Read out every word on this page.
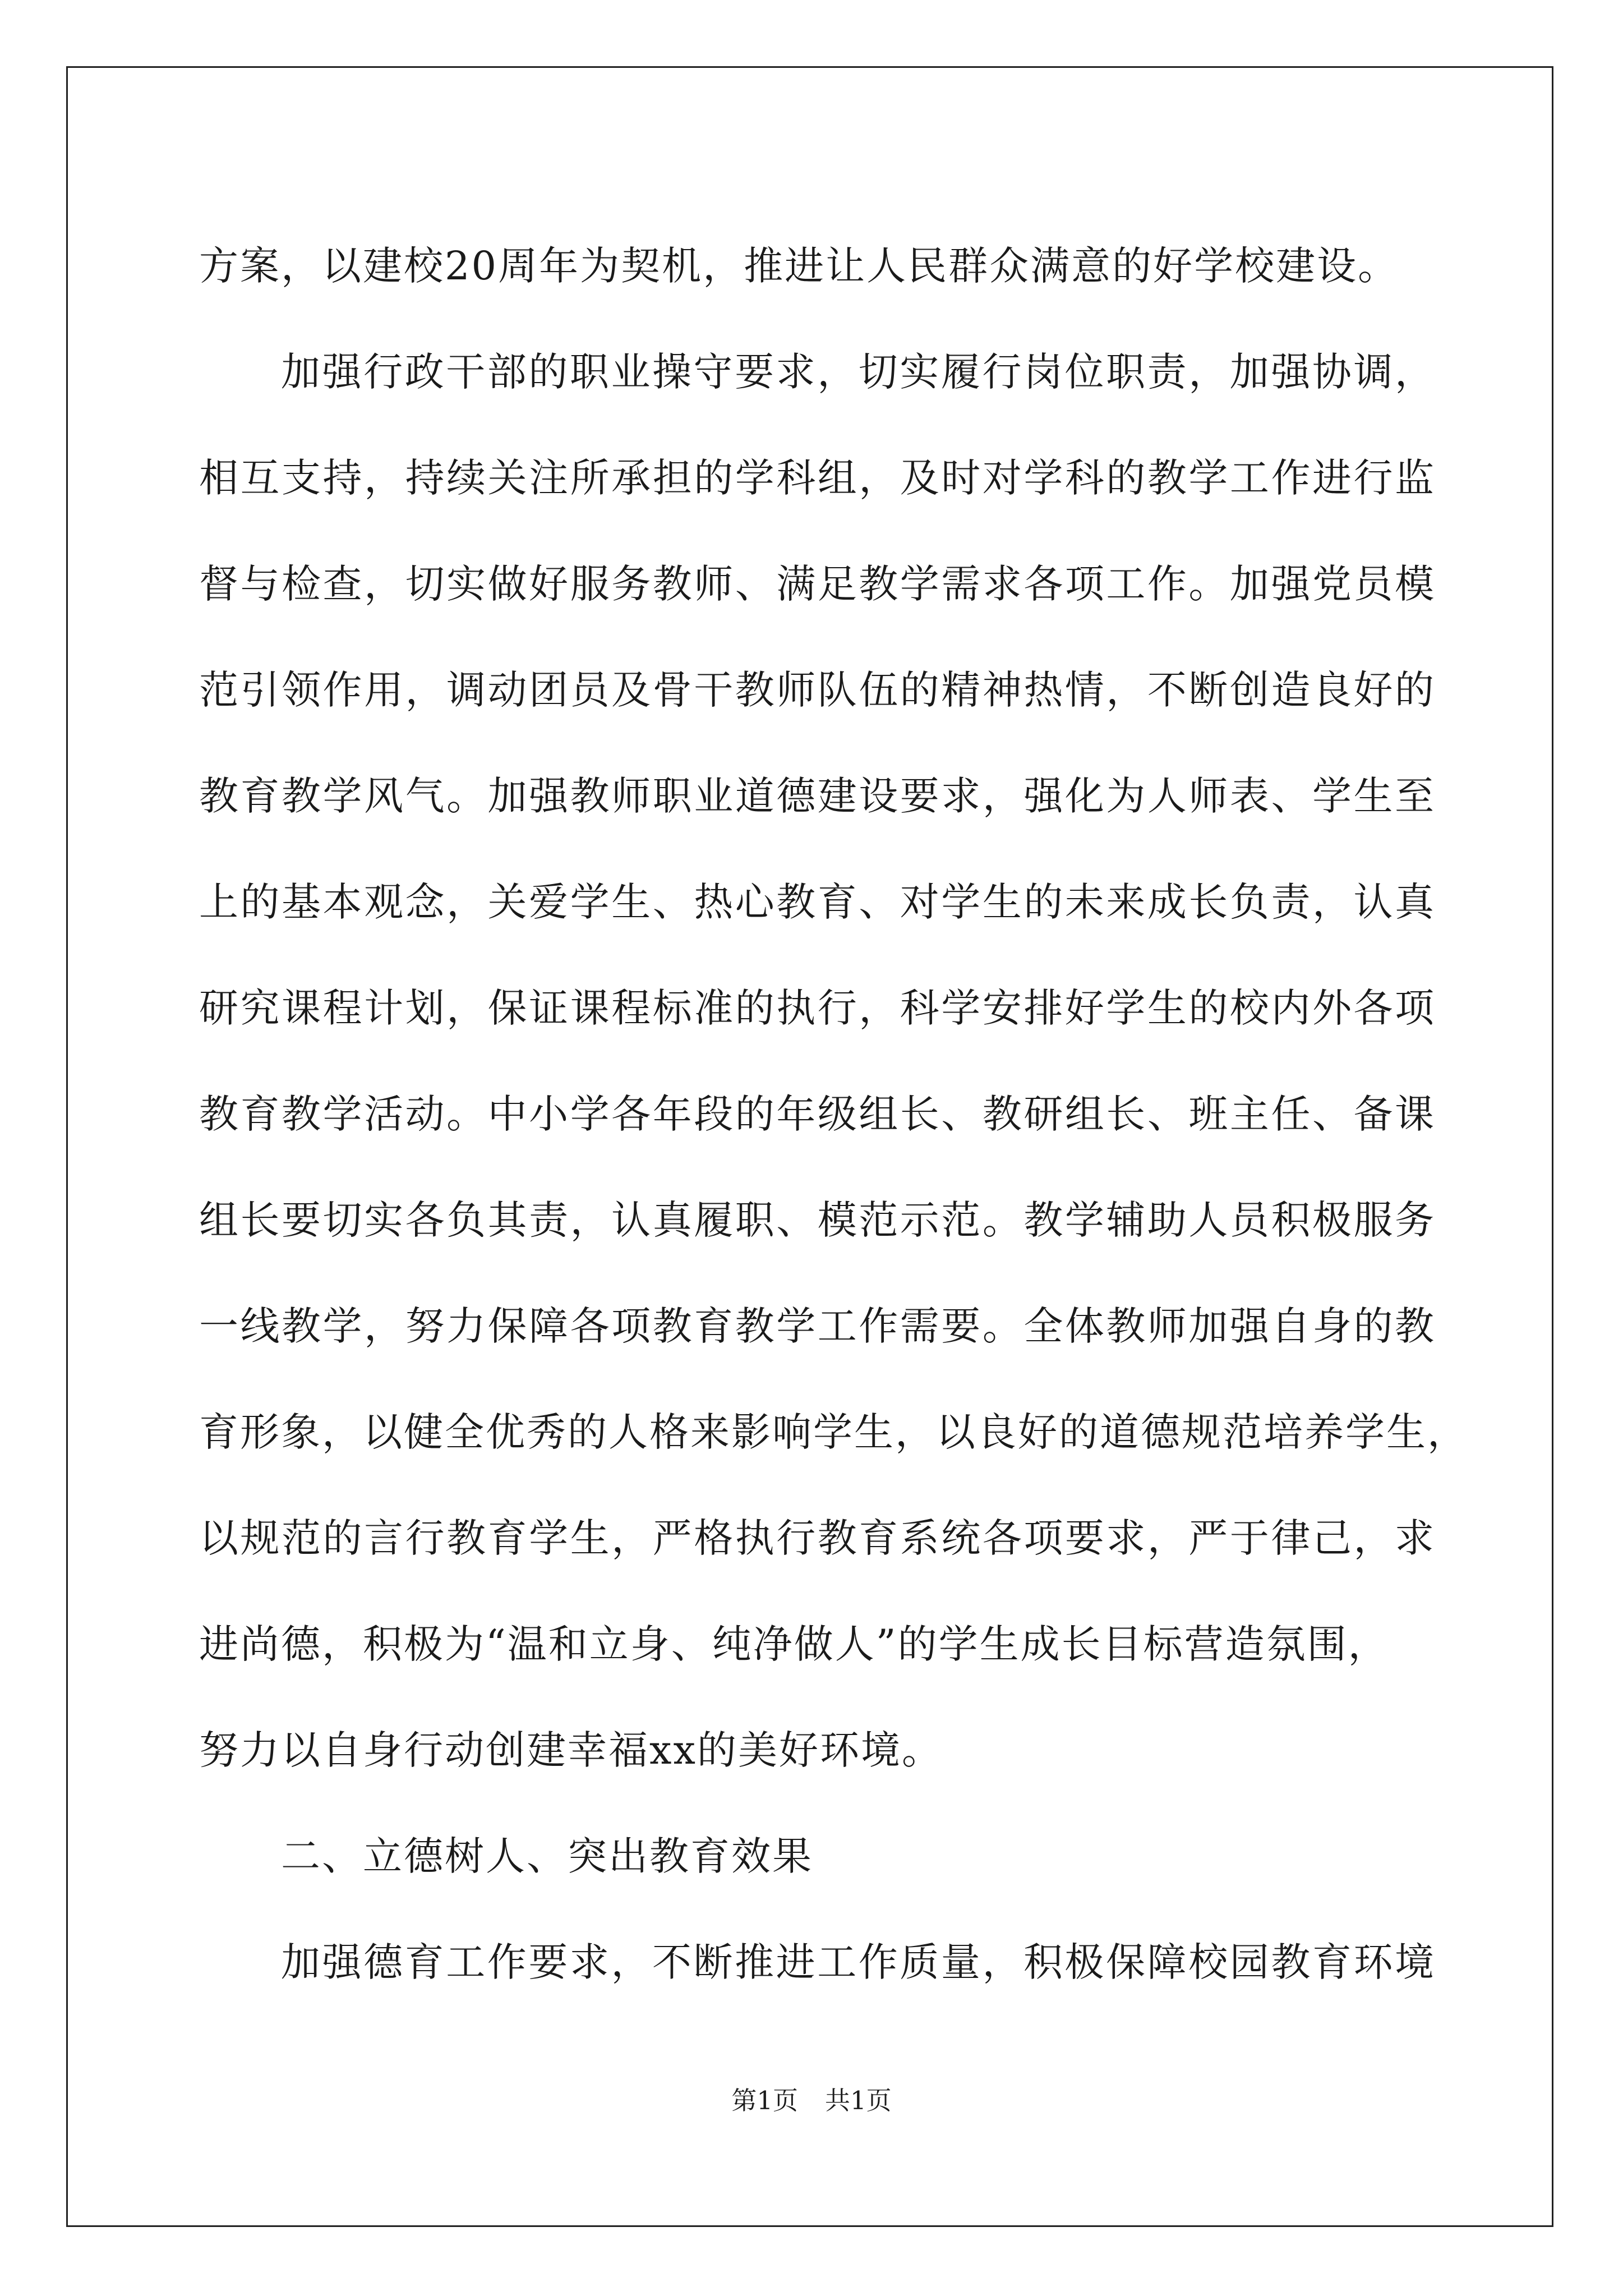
方案，以建校20周年为契机，推进让人民群众满意的好学校建设。
加强行政干部的职业操守要求，切实履行岗位职责，加强协调，
相互支持，持续关注所承担的学科组，及时对学科的教学工作进行监
督与检查，切实做好服务教师、满足教学需求各项工作。加强党员模
范引领作用，调动团员及骨干教师队伍的精神热情，不断创造良好的
教育教学风气。加强教师职业道德建设要求，强化为人师表、学生至
上的基本观念，关爱学生、热心教育、对学生的未来成长负责，认真
研究课程计划，保证课程标准的执行，科学安排好学生的校内外各项
教育教学活动。中小学各年段的年级组长、教研组长、班主任、备课
组长要切实各负其责，认真履职、模范示范。教学辅助人员积极服务
一线教学，努力保障各项教育教学工作需要。全体教师加强自身的教
育形象，以健全优秀的人格来影响学生，以良好的道德规范培养学生，
以规范的言行教育学生，严格执行教育系统各项要求，严于律己，求
进尚德，积极为“温和立身、纯净做人”的学生成长目标营造氛围，
努力以自身行动创建幸福xx的美好环境。
二、立德树人、突出教育效果
加强德育工作要求，不断推进工作质量，积极保障校园教育环境
第1页 共1页
